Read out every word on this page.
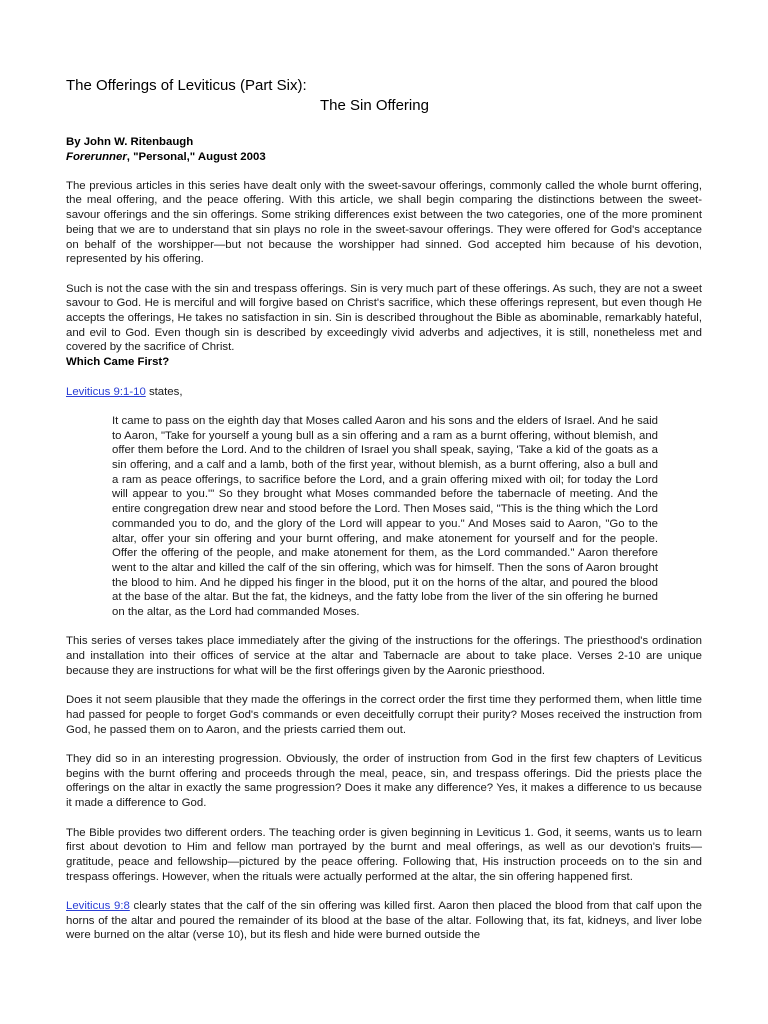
The Offerings of Leviticus (Part Six):
The Sin Offering
By John W. Ritenbaugh
Forerunner, "Personal," August 2003

The previous articles in this series have dealt only with the sweet-savour offerings, commonly called the whole burnt offering, the meal offering, and the peace offering. With this article, we shall begin comparing the distinctions between the sweet-savour offerings and the sin offerings. Some striking differences exist between the two categories, one of the more prominent being that we are to understand that sin plays no role in the sweet-savour offerings. They were offered for God's acceptance on behalf of the worshipper—but not because the worshipper had sinned. God accepted him because of his devotion, represented by his offering.

Such is not the case with the sin and trespass offerings. Sin is very much part of these offerings. As such, they are not a sweet savour to God. He is merciful and will forgive based on Christ's sacrifice, which these offerings represent, but even though He accepts the offerings, He takes no satisfaction in sin. Sin is described throughout the Bible as abominable, remarkably hateful, and evil to God. Even though sin is described by exceedingly vivid adverbs and adjectives, it is still, nonetheless met and covered by the sacrifice of Christ.

Which Came First?

Leviticus 9:1-10 states,

It came to pass on the eighth day that Moses called Aaron and his sons and the elders of Israel. And he said to Aaron, "Take for yourself a young bull as a sin offering and a ram as a burnt offering, without blemish, and offer them before the Lord. And to the children of Israel you shall speak, saying, 'Take a kid of the goats as a sin offering, and a calf and a lamb, both of the first year, without blemish, as a burnt offering, also a bull and a ram as peace offerings, to sacrifice before the Lord, and a grain offering mixed with oil; for today the Lord will appear to you.'" So they brought what Moses commanded before the tabernacle of meeting. And the entire congregation drew near and stood before the Lord. Then Moses said, "This is the thing which the Lord commanded you to do, and the glory of the Lord will appear to you." And Moses said to Aaron, "Go to the altar, offer your sin offering and your burnt offering, and make atonement for yourself and for the people. Offer the offering of the people, and make atonement for them, as the Lord commanded." Aaron therefore went to the altar and killed the calf of the sin offering, which was for himself. Then the sons of Aaron brought the blood to him. And he dipped his finger in the blood, put it on the horns of the altar, and poured the blood at the base of the altar. But the fat, the kidneys, and the fatty lobe from the liver of the sin offering he burned on the altar, as the Lord had commanded Moses.

This series of verses takes place immediately after the giving of the instructions for the offerings. The priesthood's ordination and installation into their offices of service at the altar and Tabernacle are about to take place. Verses 2-10 are unique because they are instructions for what will be the first offerings given by the Aaronic priesthood.

Does it not seem plausible that they made the offerings in the correct order the first time they performed them, when little time had passed for people to forget God's commands or even deceitfully corrupt their purity? Moses received the instruction from God, he passed them on to Aaron, and the priests carried them out.

They did so in an interesting progression. Obviously, the order of instruction from God in the first few chapters of Leviticus begins with the burnt offering and proceeds through the meal, peace, sin, and trespass offerings. Did the priests place the offerings on the altar in exactly the same progression? Does it make any difference? Yes, it makes a difference to us because it made a difference to God.

The Bible provides two different orders. The teaching order is given beginning in Leviticus 1. God, it seems, wants us to learn first about devotion to Him and fellow man portrayed by the burnt and meal offerings, as well as our devotion's fruits—gratitude, peace and fellowship—pictured by the peace offering. Following that, His instruction proceeds on to the sin and trespass offerings. However, when the rituals were actually performed at the altar, the sin offering happened first.

Leviticus 9:8 clearly states that the calf of the sin offering was killed first. Aaron then placed the blood from that calf upon the horns of the altar and poured the remainder of its blood at the base of the altar. Following that, its fat, kidneys, and liver lobe were burned on the altar (verse 10), but its flesh and hide were burned outside the
